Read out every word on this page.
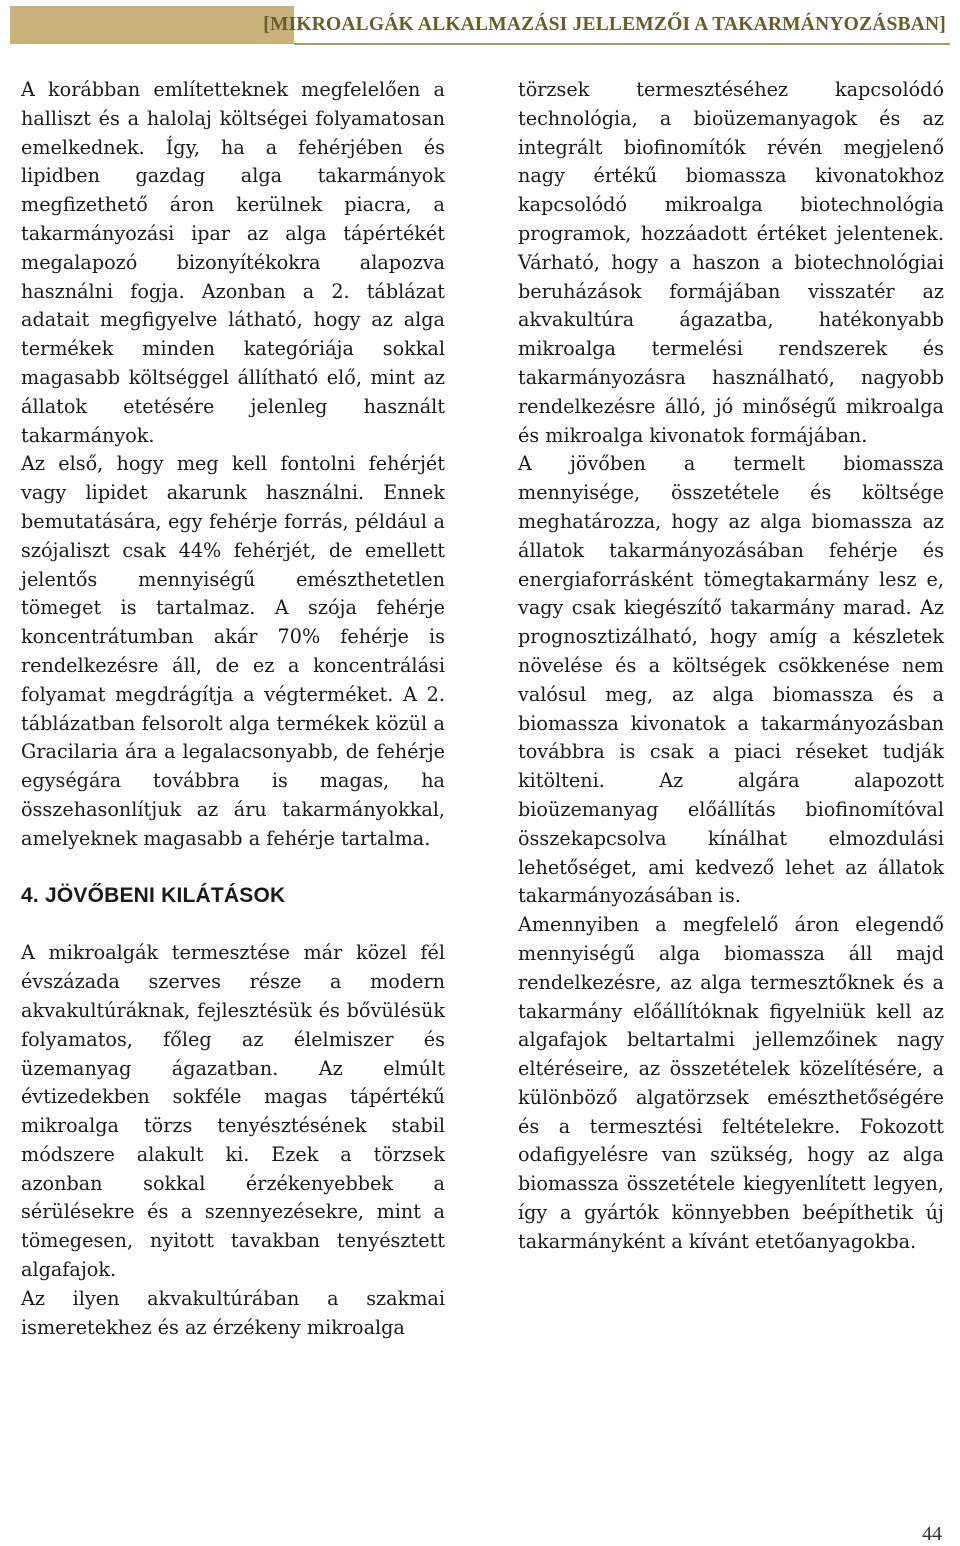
[MIKROALGÁK ALKALMAZÁSI JELLEMZŐI A TAKARMÁNYOZÁSBAN]

A korábban említetteknek megfelelően a halliszt és a halolaj költségei folyamatosan emelkednek. Így, ha a fehérjében és lipidben gazdag alga takarmányok megfizethető áron kerülnek piacra, a takarmányozási ipar az alga tápértékét megalapozó bizonyítékokra alapozva használni fogja. Azonban a 2. táblázat adatait megfigyelve látható, hogy az alga termékek minden kategóriája sokkal magasabb költséggel állítható elő, mint az állatok etetésére jelenleg használt takarmányok.

Az első, hogy meg kell fontolni fehérjét vagy lipidet akarunk használni. Ennek bemutatására, egy fehérje forrás, például a szójaliszt csak 44% fehérjét, de emellett jelentős mennyiségű emészthetetlen tömeget is tartalmaz. A szója fehérje koncentrátumban akár 70% fehérje is rendelkezésre áll, de ez a koncentrálási folyamat megdrágítja a végterméket. A 2. táblázatban felsorolt alga termékek közül a Gracilaria ára a legalacsonyabb, de fehérje egységára továbbra is magas, ha összehasonlítjuk az áru takarmányokkal, amelyeknek magasabb a fehérje tartalma.

4. JÖVŐBENI KILÁTÁSOK

A mikroalgák termesztése már közel fél évszázada szerves része a modern akvakultúráknak, fejlesztésük és bővülésük folyamatos, főleg az élelmiszer és üzemanyag ágazatban. Az elmúlt évtizedekben sokféle magas tápértékű mikroalga törzs tenyésztésének stabil módszere alakult ki. Ezek a törzsek azonban sokkal érzékenyebbek a sérülésekre és a szennyezésekre, mint a tömegesen, nyitott tavakban tenyésztett algafajok.

Az ilyen akvakultúrában a szakmai ismeretekhez és az érzékeny mikroalga

törzsek termesztéséhez kapcsolódó technológia, a bioüzemanyagok és az integrált biofinomítók révén megjelenő nagy értékű biomassza kivonatokhoz kapcsolódó mikroalga biotechnológia programok, hozzáadott értéket jelentenek. Várható, hogy a haszon a biotechnológiai beruházások formájában visszatér az akvakultúra ágazatba, hatékonyabb mikroalga termelési rendszerek és takarmányozásra használható, nagyobb rendelkezésre álló, jó minőségű mikroalga és mikroalga kivonatok formájában.

A jövőben a termelt biomassza mennyisége, összetétele és költsége meghatározza, hogy az alga biomassza az állatok takarmányozásában fehérje és energiaforrásként tömegtakarmány lesz e, vagy csak kiegészítő takarmány marad. Az prognosztizálható, hogy amíg a készletek növelése és a költségek csökkenése nem valósul meg, az alga biomassza és a biomassza kivonatok a takarmányozásban továbbra is csak a piaci réseket tudják kitölteni. Az algára alapozott bioüzemanyag előállítás biofinomítóval összekapcsolva kínálhat elmozdulási lehetőséget, ami kedvező lehet az állatok takarmányozásában is.

Amennyiben a megfelelő áron elegendő mennyiségű alga biomassza áll majd rendelkezésre, az alga termesztőknek és a takarmány előállítóknak figyelniük kell az algafajok beltartalmi jellemzőinek nagy eltéréseire, az összetételek közelítésére, a különböző algatörzsek emészthetőségére és a termesztési feltételekre. Fokozott odafigyelésre van szükség, hogy az alga biomassza összetétele kiegyenlített legyen, így a gyártók könnyebben beépíthetik új takarmányként a kívánt etetőanyagokba.

44
